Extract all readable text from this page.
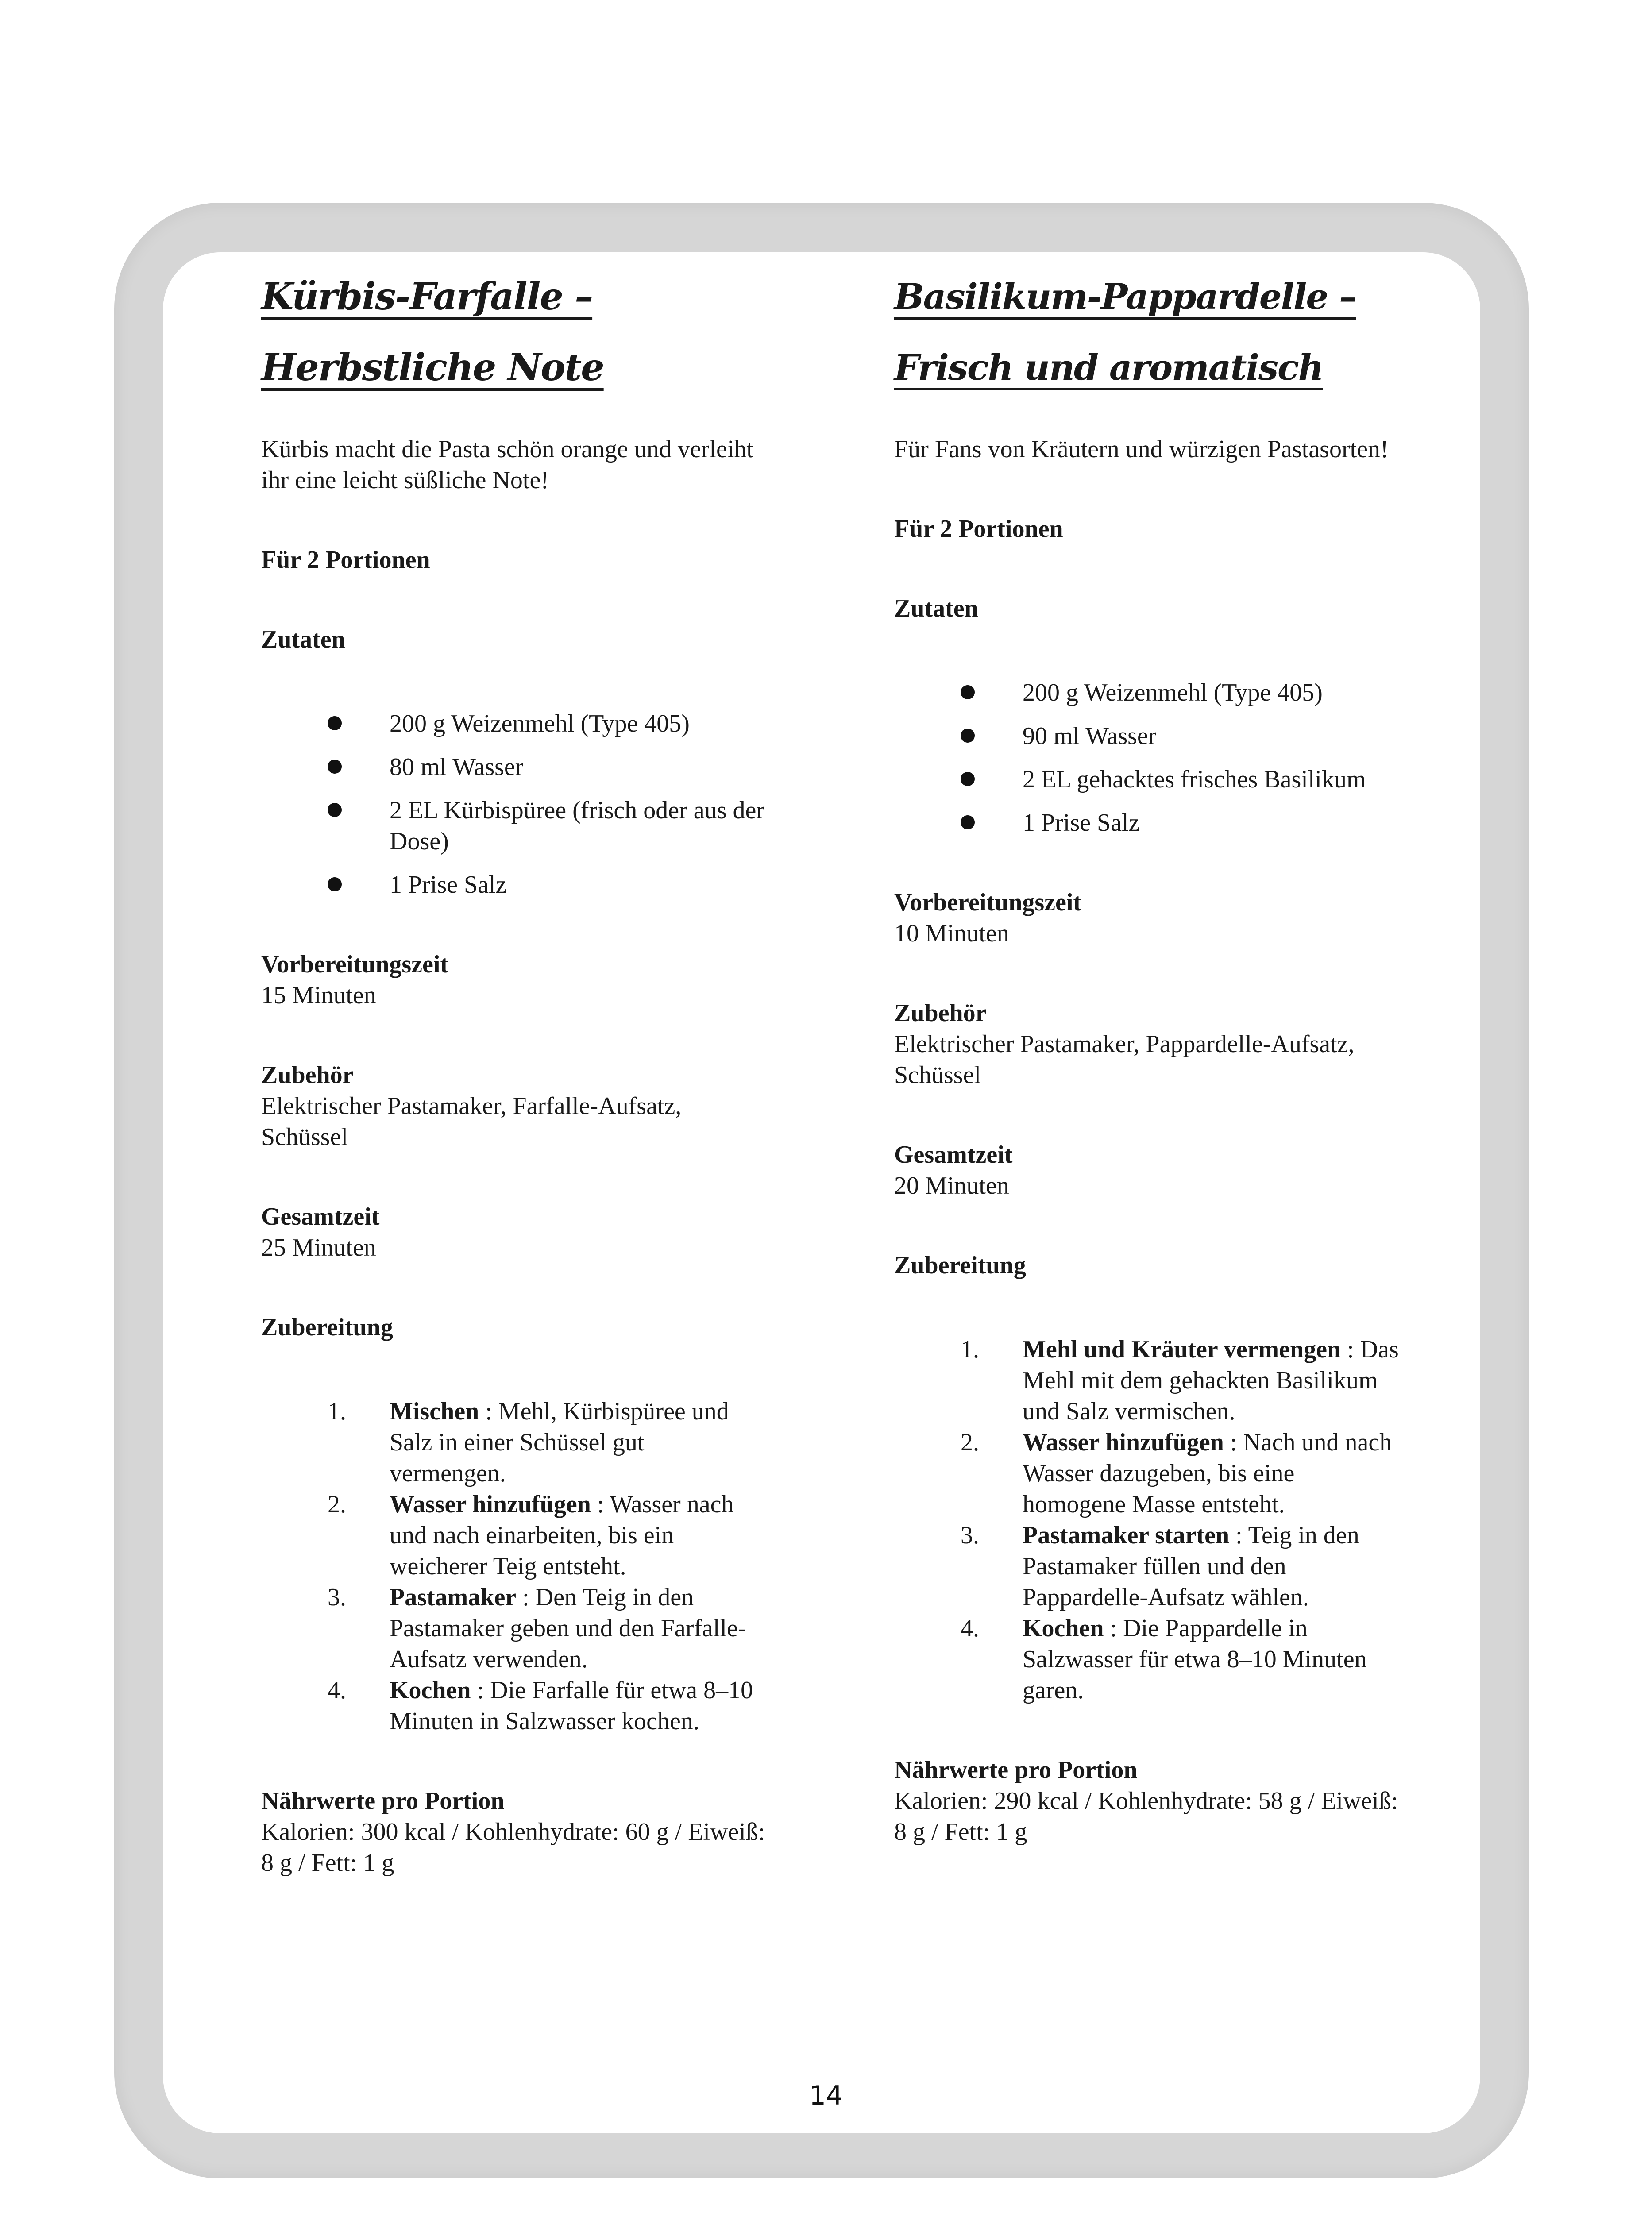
Kürbis-Farfalle – Herbstliche Note

Kürbis macht die Pasta schön orange und verleiht ihr eine leicht süßliche Note!

Für 2 Portionen

Zutaten

200 g Weizenmehl (Type 405)
80 ml Wasser
2 EL Kürbispüree (frisch oder aus der Dose)
1 Prise Salz

Vorbereitungszeit

15 Minuten

Zubehör

Elektrischer Pastamaker, Farfalle-Aufsatz, Schüssel

Gesamtzeit

25 Minuten

Zubereitung

1. Mischen : Mehl, Kürbispüree und Salz in einer Schüssel gut vermengen.
2. Wasser hinzufügen : Wasser nach und nach einarbeiten, bis ein weicherer Teig entsteht.
3. Pastamaker : Den Teig in den Pastamaker geben und den Farfalle-Aufsatz verwenden.
4. Kochen : Die Farfalle für etwa 8–10 Minuten in Salzwasser kochen.

Nährwerte pro Portion

Kalorien: 300 kcal / Kohlenhydrate: 60 g / Eiweiß: 8 g / Fett: 1 g

Basilikum-Pappardelle – Frisch und aromatisch

Für Fans von Kräutern und würzigen Pastasorten!

Für 2 Portionen

Zutaten

200 g Weizenmehl (Type 405)
90 ml Wasser
2 EL gehacktes frisches Basilikum
1 Prise Salz

Vorbereitungszeit

10 Minuten

Zubehör

Elektrischer Pastamaker, Pappardelle-Aufsatz, Schüssel

Gesamtzeit

20 Minuten

Zubereitung

1. Mehl und Kräuter vermengen : Das Mehl mit dem gehackten Basilikum und Salz vermischen.
2. Wasser hinzufügen : Nach und nach Wasser dazugeben, bis eine homogene Masse entsteht.
3. Pastamaker starten : Teig in den Pastamaker füllen und den Pappardelle-Aufsatz wählen.
4. Kochen : Die Pappardelle in Salzwasser für etwa 8–10 Minuten garen.

Nährwerte pro Portion

Kalorien: 290 kcal / Kohlenhydrate: 58 g / Eiweiß: 8 g / Fett: 1 g

14
